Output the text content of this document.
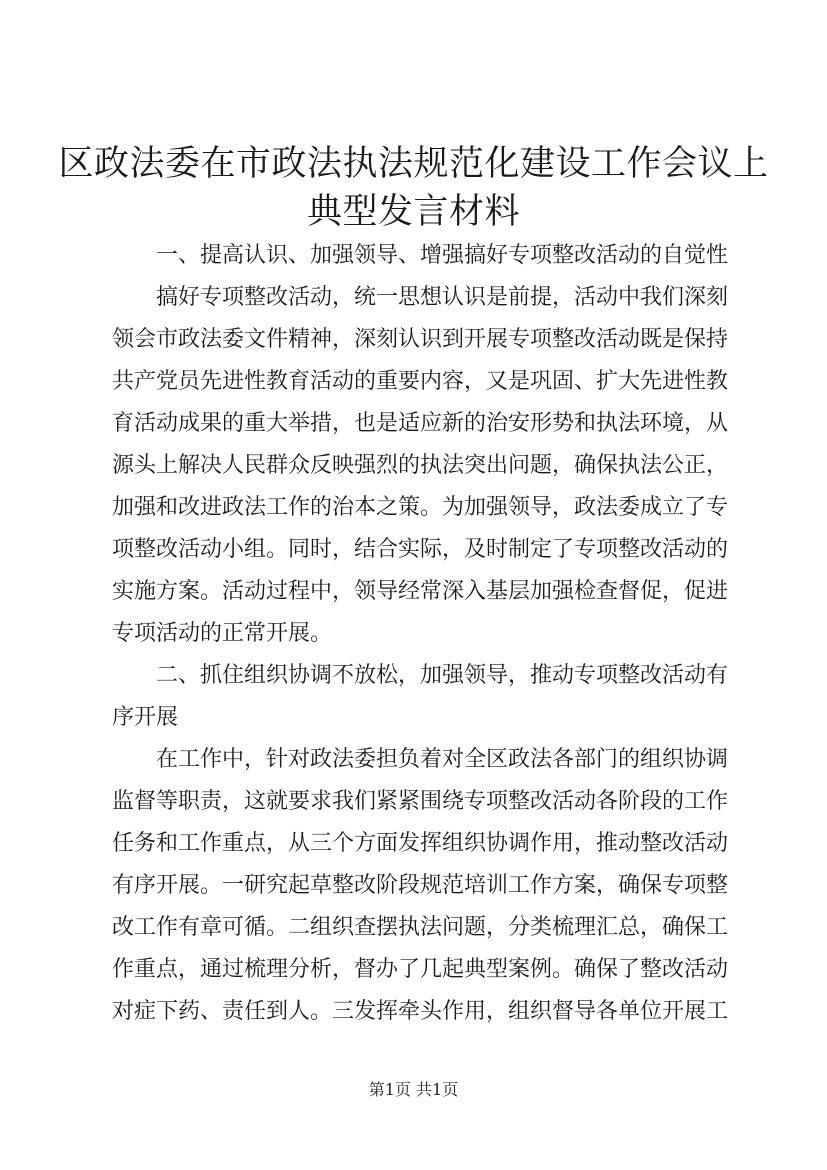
区政法委在市政法执法规范化建设工作会议上
典型发言材料
一、提高认识、加强领导、增强搞好专项整改活动的自觉性
搞好专项整改活动，统一思想认识是前提，活动中我们深刻
领会市政法委文件精神，深刻认识到开展专项整改活动既是保持
共产党员先进性教育活动的重要内容，又是巩固、扩大先进性教
育活动成果的重大举措，也是适应新的治安形势和执法环境，从
源头上解决人民群众反映强烈的执法突出问题，确保执法公正，
加强和改进政法工作的治本之策。为加强领导，政法委成立了专
项整改活动小组。同时，结合实际，及时制定了专项整改活动的
实施方案。活动过程中，领导经常深入基层加强检查督促，促进
专项活动的正常开展。
二、抓住组织协调不放松，加强领导，推动专项整改活动有
序开展
在工作中，针对政法委担负着对全区政法各部门的组织协调
监督等职责，这就要求我们紧紧围绕专项整改活动各阶段的工作
任务和工作重点，从三个方面发挥组织协调作用，推动整改活动
有序开展。一研究起草整改阶段规范培训工作方案，确保专项整
改工作有章可循。二组织查摆执法问题，分类梳理汇总，确保工
作重点，通过梳理分析，督办了几起典型案例。确保了整改活动
对症下药、责任到人。三发挥牵头作用，组织督导各单位开展工
第1页 共1页
